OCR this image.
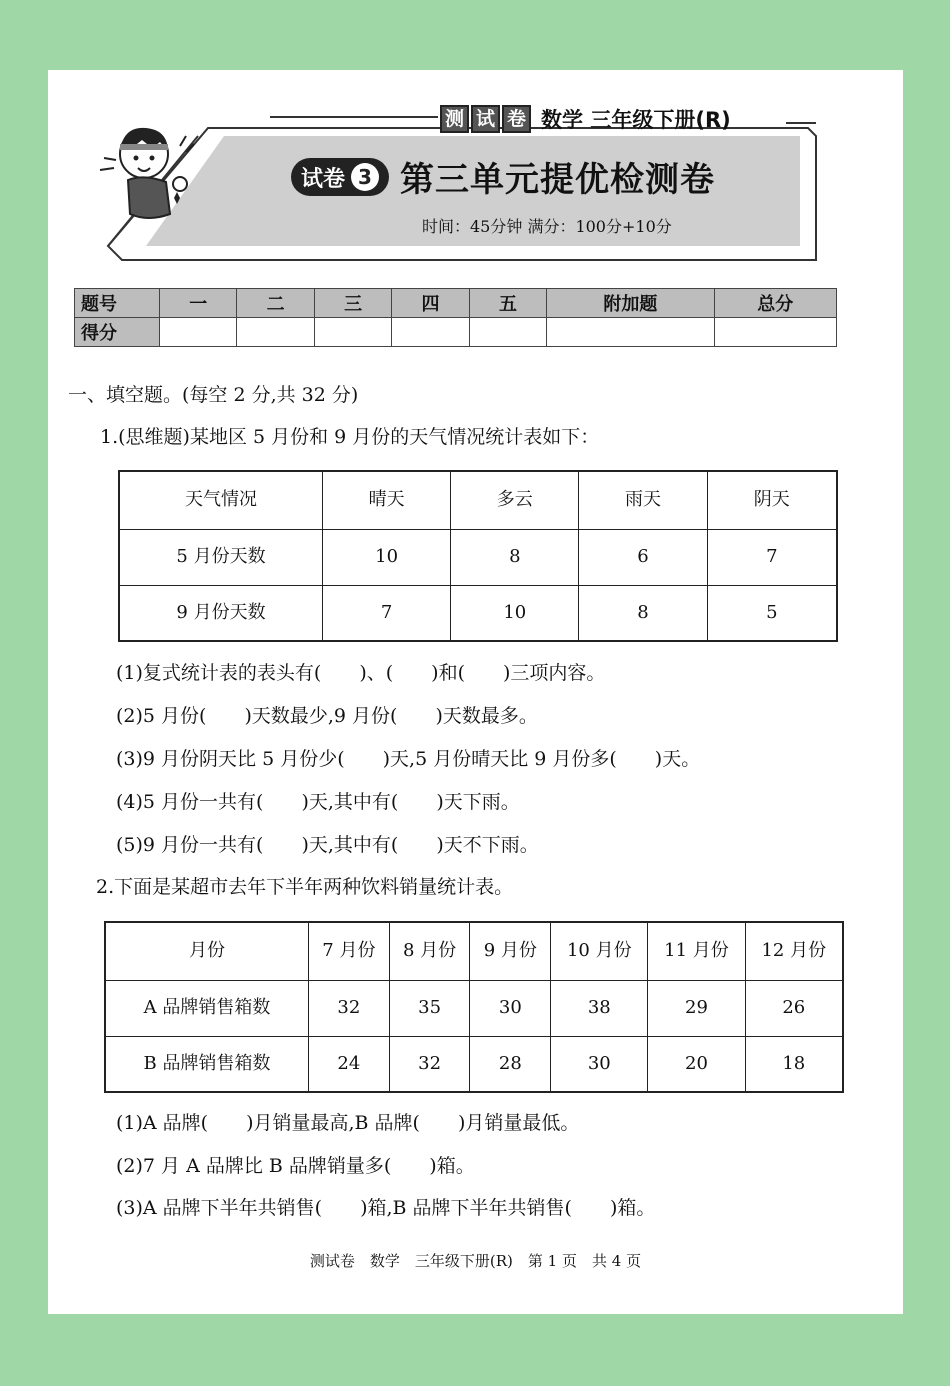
测 试 卷 数学 三年级下册(R)
试卷 3 第三单元提优检测卷
时间：45分钟 满分：100分+10分
题号	一	二	三	四	五	附加题	总分
得分							
一、填空题。(每空 2 分,共 32 分)
1.(思维题)某地区 5 月份和 9 月份的天气情况统计表如下：
天气情况	晴天	多云	雨天	阴天
5 月份天数	10	8	6	7
9 月份天数	7	10	8	5
(1)复式统计表的表头有(　　)、(　　)和(　　)三项内容。
(2)5 月份(　　)天数最少,9 月份(　　)天数最多。
(3)9 月份阴天比 5 月份少(　　)天,5 月份晴天比 9 月份多(　　)天。
(4)5 月份一共有(　　)天,其中有(　　)天下雨。
(5)9 月份一共有(　　)天,其中有(　　)天不下雨。
2.下面是某超市去年下半年两种饮料销量统计表。
月份	7 月份	8 月份	9 月份	10 月份	11 月份	12 月份
A 品牌销售箱数	32	35	30	38	29	26
B 品牌销售箱数	24	32	28	30	20	18
(1)A 品牌(　　)月销量最高,B 品牌(　　)月销量最低。
(2)7 月 A 品牌比 B 品牌销量多(　　)箱。
(3)A 品牌下半年共销售(　　)箱,B 品牌下半年共销售(　　)箱。
测试卷　数学　三年级下册(R)　第 1 页　共 4 页
